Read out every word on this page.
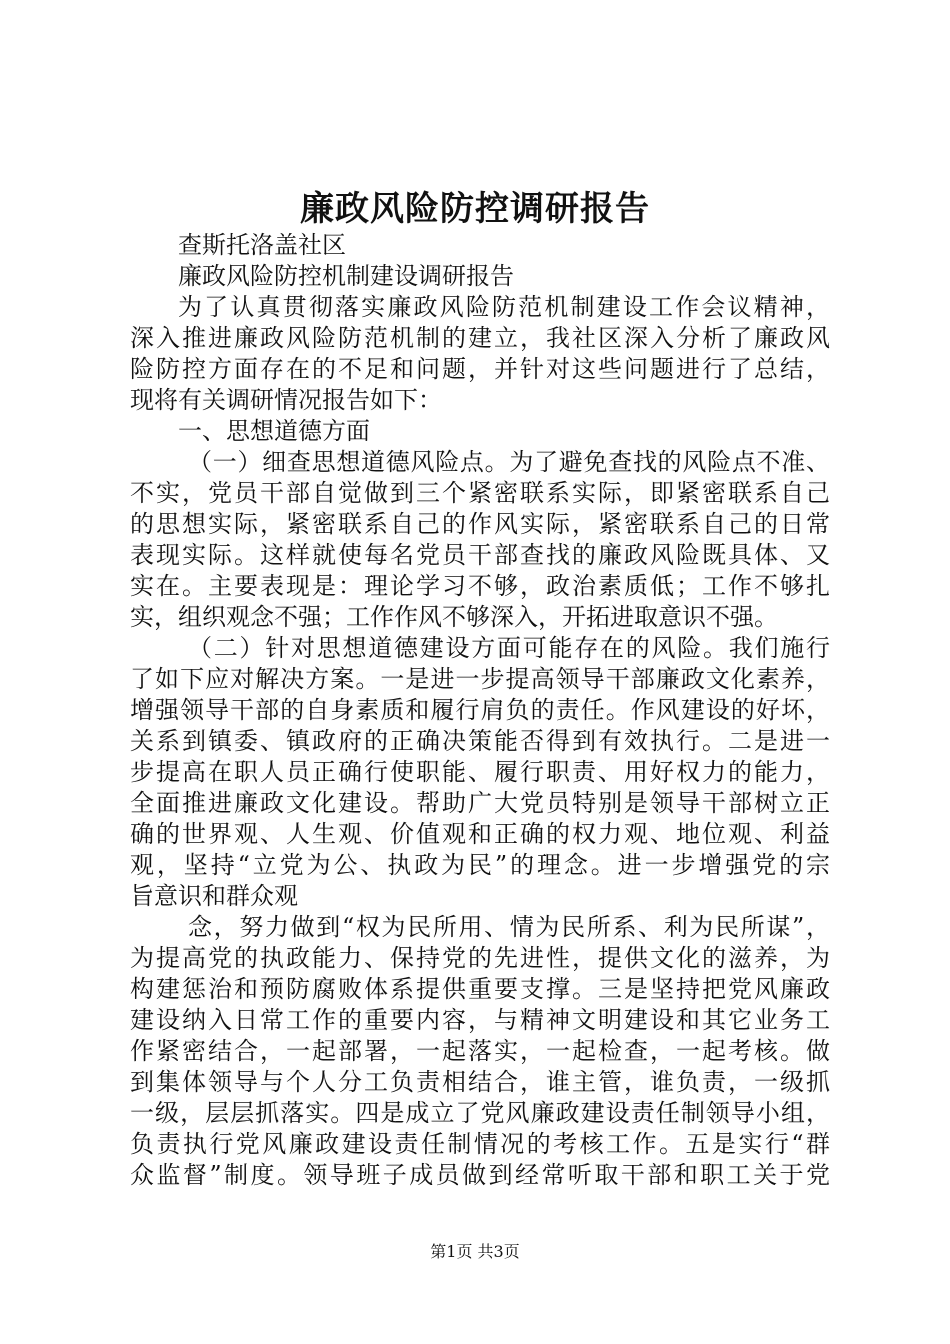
廉政风险防控调研报告
查斯托洛盖社区
廉政风险防控机制建设调研报告
为了认真贯彻落实廉政风险防范机制建设工作会议精神，
深入推进廉政风险防范机制的建立，我社区深入分析了廉政风
险防控方面存在的不足和问题，并针对这些问题进行了总结，
现将有关调研情况报告如下：
一、思想道德方面
（一）细查思想道德风险点。为了避免查找的风险点不准、
不实，党员干部自觉做到三个紧密联系实际，即紧密联系自己
的思想实际，紧密联系自己的作风实际，紧密联系自己的日常
表现实际。这样就使每名党员干部查找的廉政风险既具体、又
实在。主要表现是：理论学习不够，政治素质低；工作不够扎
实，组织观念不强；工作作风不够深入，开拓进取意识不强。
（二）针对思想道德建设方面可能存在的风险。我们施行
了如下应对解决方案。一是进一步提高领导干部廉政文化素养，
增强领导干部的自身素质和履行肩负的责任。作风建设的好坏，
关系到镇委、镇政府的正确决策能否得到有效执行。二是进一
步提高在职人员正确行使职能、履行职责、用好权力的能力，
全面推进廉政文化建设。帮助广大党员特别是领导干部树立正
确的世界观、人生观、价值观和正确的权力观、地位观、利益
观，坚持“立党为公、执政为民”的理念。进一步增强党的宗
旨意识和群众观
念，努力做到“权为民所用、情为民所系、利为民所谋”，
为提高党的执政能力、保持党的先进性，提供文化的滋养，为
构建惩治和预防腐败体系提供重要支撑。三是坚持把党风廉政
建设纳入日常工作的重要内容，与精神文明建设和其它业务工
作紧密结合，一起部署，一起落实，一起检查，一起考核。做
到集体领导与个人分工负责相结合，谁主管，谁负责，一级抓
一级，层层抓落实。四是成立了党风廉政建设责任制领导小组，
负责执行党风廉政建设责任制情况的考核工作。五是实行“群
众监督”制度。领导班子成员做到经常听取干部和职工关于党
第1页 共3页
